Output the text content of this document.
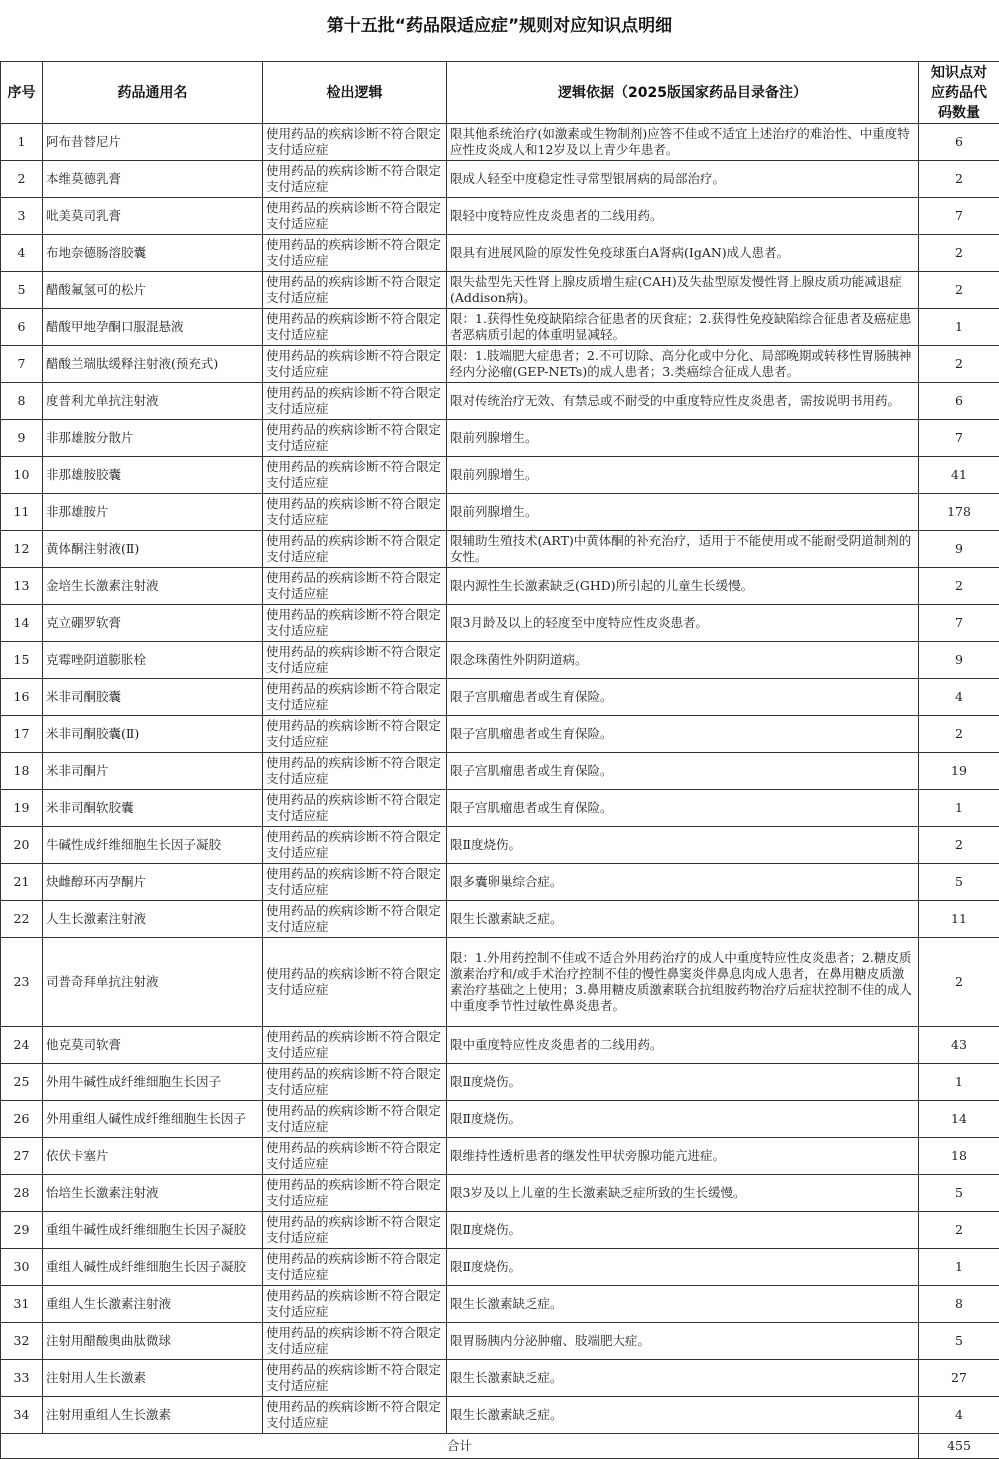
第十五批“药品限适应症”规则对应知识点明细
序号	药品通用名	检出逻辑	逻辑依据（2025版国家药品目录备注）	知识点对应药品代码数量
1	阿布昔替尼片	使用药品的疾病诊断不符合限定支付适应症	限其他系统治疗(如激素或生物制剂)应答不佳或不适宜上述治疗的难治性、中重度特应性皮炎成人和12岁及以上青少年患者。	6
2	本维莫德乳膏	使用药品的疾病诊断不符合限定支付适应症	限成人轻至中度稳定性寻常型银屑病的局部治疗。	2
3	吡美莫司乳膏	使用药品的疾病诊断不符合限定支付适应症	限轻中度特应性皮炎患者的二线用药。	7
4	布地奈德肠溶胶囊	使用药品的疾病诊断不符合限定支付适应症	限具有进展风险的原发性免疫球蛋白A肾病(IgAN)成人患者。	2
5	醋酸氟氢可的松片	使用药品的疾病诊断不符合限定支付适应症	限失盐型先天性肾上腺皮质增生症(CAH)及失盐型原发慢性肾上腺皮质功能减退症(Addison病)。	2
6	醋酸甲地孕酮口服混悬液	使用药品的疾病诊断不符合限定支付适应症	限：1.获得性免疫缺陷综合征患者的厌食症；2.获得性免疫缺陷综合征患者及癌症患者恶病质引起的体重明显减轻。	1
7	醋酸兰瑞肽缓释注射液(预充式)	使用药品的疾病诊断不符合限定支付适应症	限：1.肢端肥大症患者；2.不可切除、高分化或中分化、局部晚期或转移性胃肠胰神经内分泌瘤(GEP-NETs)的成人患者；3.类癌综合征成人患者。	2
8	度普利尤单抗注射液	使用药品的疾病诊断不符合限定支付适应症	限对传统治疗无效、有禁忌或不耐受的中重度特应性皮炎患者，需按说明书用药。	6
9	非那雄胺分散片	使用药品的疾病诊断不符合限定支付适应症	限前列腺增生。	7
10	非那雄胺胶囊	使用药品的疾病诊断不符合限定支付适应症	限前列腺增生。	41
11	非那雄胺片	使用药品的疾病诊断不符合限定支付适应症	限前列腺增生。	178
12	黄体酮注射液(Ⅱ)	使用药品的疾病诊断不符合限定支付适应症	限辅助生殖技术(ART)中黄体酮的补充治疗，适用于不能使用或不能耐受阴道制剂的女性。	9
13	金培生长激素注射液	使用药品的疾病诊断不符合限定支付适应症	限内源性生长激素缺乏(GHD)所引起的儿童生长缓慢。	2
14	克立硼罗软膏	使用药品的疾病诊断不符合限定支付适应症	限3月龄及以上的轻度至中度特应性皮炎患者。	7
15	克霉唑阴道膨胀栓	使用药品的疾病诊断不符合限定支付适应症	限念珠菌性外阴阴道病。	9
16	米非司酮胶囊	使用药品的疾病诊断不符合限定支付适应症	限子宫肌瘤患者或生育保险。	4
17	米非司酮胶囊(Ⅱ)	使用药品的疾病诊断不符合限定支付适应症	限子宫肌瘤患者或生育保险。	2
18	米非司酮片	使用药品的疾病诊断不符合限定支付适应症	限子宫肌瘤患者或生育保险。	19
19	米非司酮软胶囊	使用药品的疾病诊断不符合限定支付适应症	限子宫肌瘤患者或生育保险。	1
20	牛碱性成纤维细胞生长因子凝胶	使用药品的疾病诊断不符合限定支付适应症	限Ⅱ度烧伤。	2
21	炔雌醇环丙孕酮片	使用药品的疾病诊断不符合限定支付适应症	限多囊卵巢综合症。	5
22	人生长激素注射液	使用药品的疾病诊断不符合限定支付适应症	限生长激素缺乏症。	11
23	司普奇拜单抗注射液	使用药品的疾病诊断不符合限定支付适应症	限：1.外用药控制不佳或不适合外用药治疗的成人中重度特应性皮炎患者；2.糖皮质激素治疗和/或手术治疗控制不佳的慢性鼻窦炎伴鼻息肉成人患者，在鼻用糖皮质激素治疗基础之上使用；3.鼻用糖皮质激素联合抗组胺药物治疗后症状控制不佳的成人中重度季节性过敏性鼻炎患者。	2
24	他克莫司软膏	使用药品的疾病诊断不符合限定支付适应症	限中重度特应性皮炎患者的二线用药。	43
25	外用牛碱性成纤维细胞生长因子	使用药品的疾病诊断不符合限定支付适应症	限Ⅱ度烧伤。	1
26	外用重组人碱性成纤维细胞生长因子	使用药品的疾病诊断不符合限定支付适应症	限Ⅱ度烧伤。	14
27	依伏卡塞片	使用药品的疾病诊断不符合限定支付适应症	限维持性透析患者的继发性甲状旁腺功能亢进症。	18
28	怡培生长激素注射液	使用药品的疾病诊断不符合限定支付适应症	限3岁及以上儿童的生长激素缺乏症所致的生长缓慢。	5
29	重组牛碱性成纤维细胞生长因子凝胶	使用药品的疾病诊断不符合限定支付适应症	限Ⅱ度烧伤。	2
30	重组人碱性成纤维细胞生长因子凝胶	使用药品的疾病诊断不符合限定支付适应症	限Ⅱ度烧伤。	1
31	重组人生长激素注射液	使用药品的疾病诊断不符合限定支付适应症	限生长激素缺乏症。	8
32	注射用醋酸奥曲肽微球	使用药品的疾病诊断不符合限定支付适应症	限胃肠胰内分泌肿瘤、肢端肥大症。	5
33	注射用人生长激素	使用药品的疾病诊断不符合限定支付适应症	限生长激素缺乏症。	27
34	注射用重组人生长激素	使用药品的疾病诊断不符合限定支付适应症	限生长激素缺乏症。	4
合计				455
